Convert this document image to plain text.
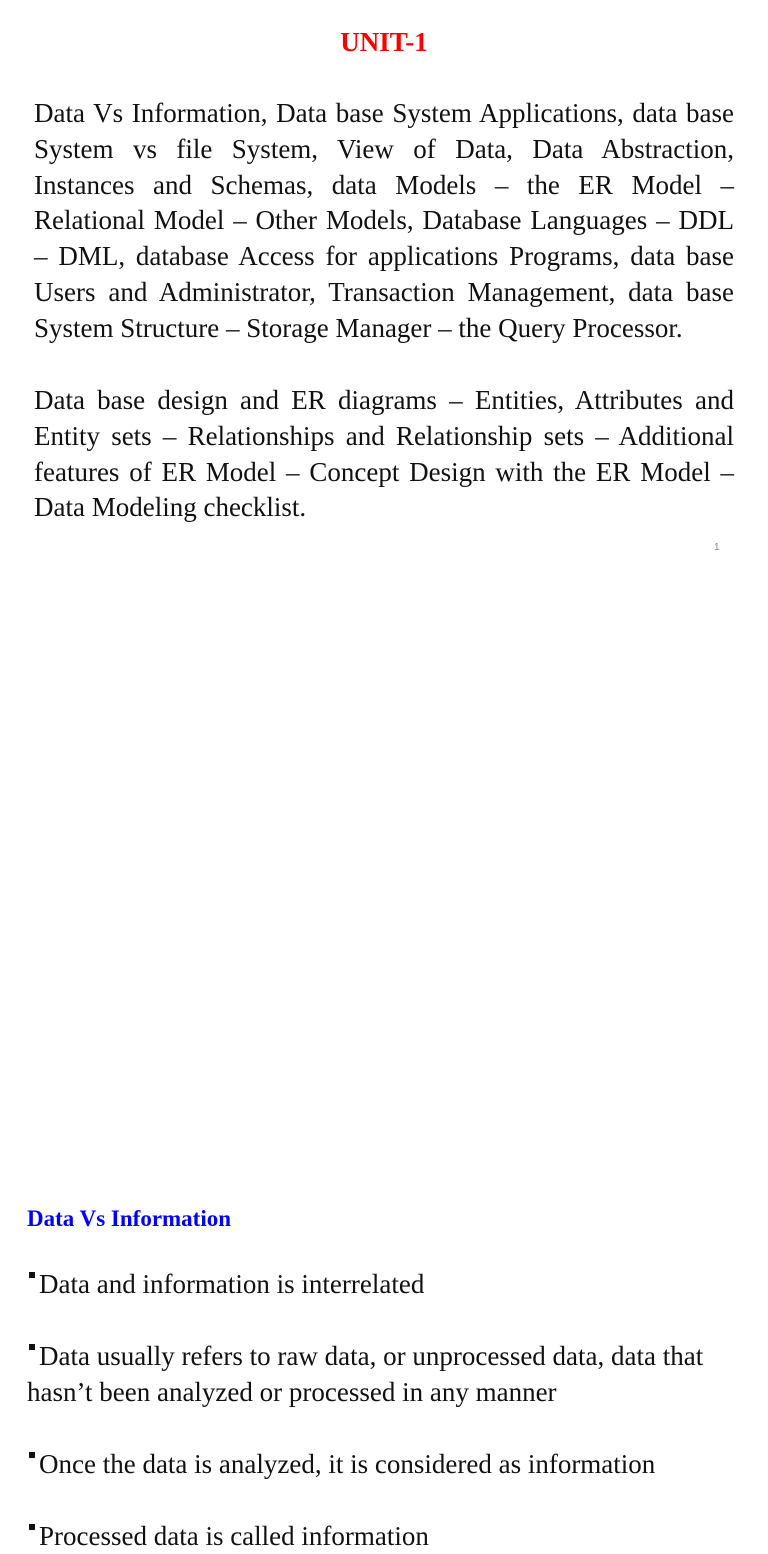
UNIT-1

Data Vs Information, Data base System Applications, data base System vs file System, View of Data, Data Abstraction, Instances and Schemas, data Models – the ER Model – Relational Model – Other Models, Database Languages – DDL – DML, database Access for applications Programs, data base Users and Administrator, Transaction Management, data base System Structure – Storage Manager – the Query Processor.

Data base design and ER diagrams – Entities, Attributes and Entity sets – Relationships and Relationship sets – Additional features of ER Model – Concept Design with the ER Model –Data Modeling checklist.

1

Data Vs Information

Data and information is interrelated

Data usually refers to raw data, or unprocessed data, data that hasn’t been analyzed or processed in any manner

Once the data is analyzed, it is considered as information

Processed data is called information
